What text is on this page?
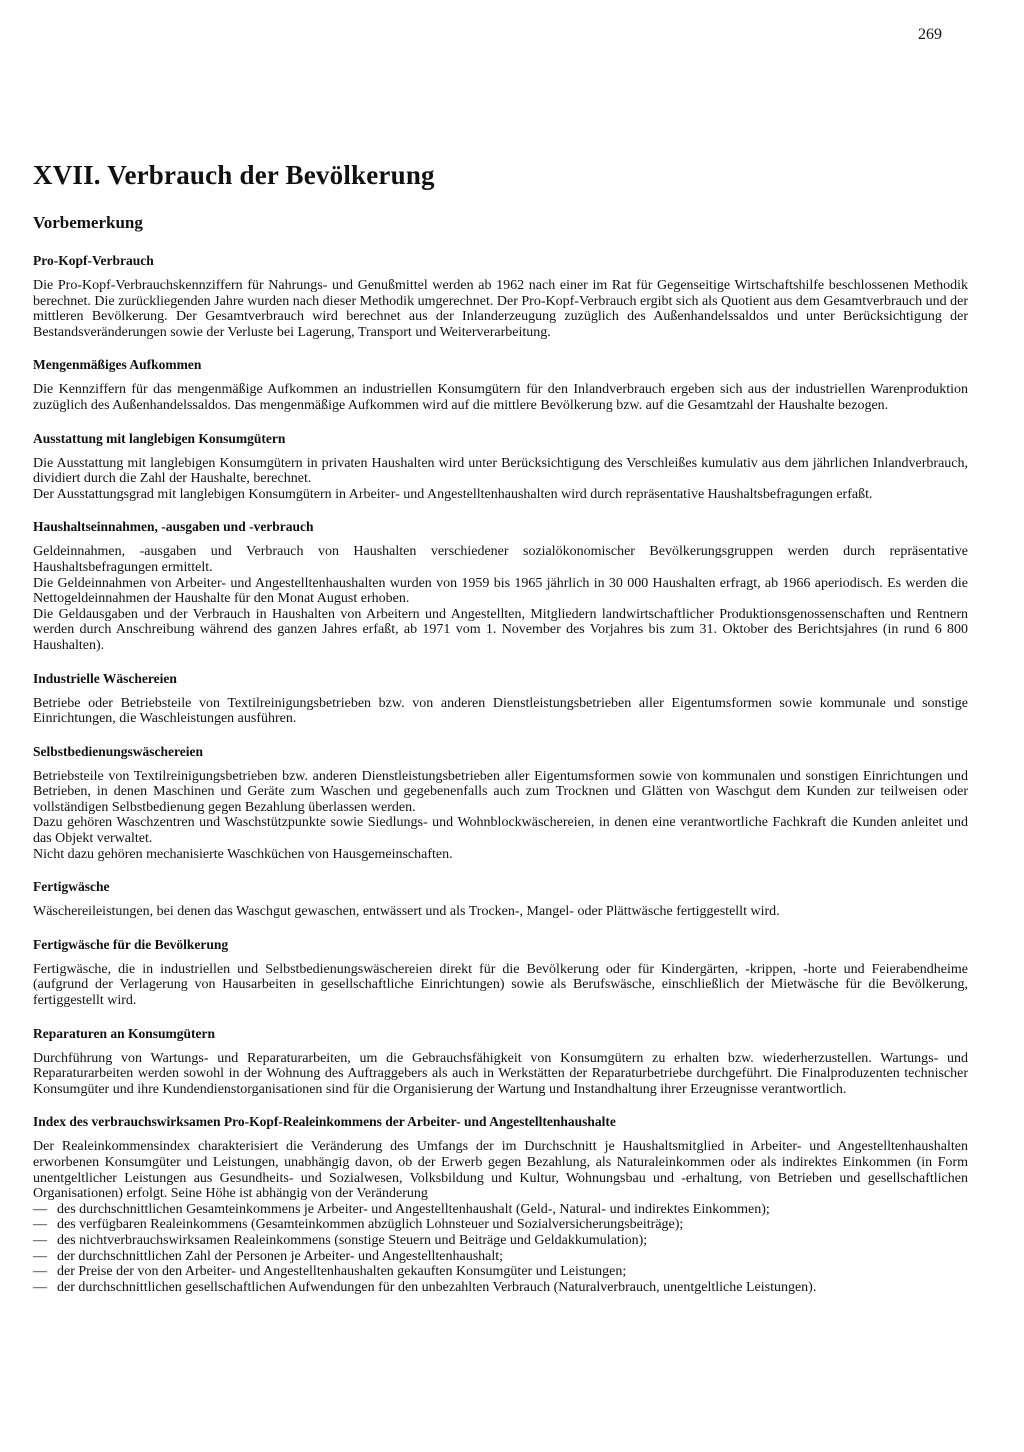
269
XVII. Verbrauch der Bevölkerung
Vorbemerkung
Pro-Kopf-Verbrauch

Die Pro-Kopf-Verbrauchskennziffern für Nahrungs- und Genußmittel werden ab 1962 nach einer im Rat für Gegenseitige Wirtschaftshilfe beschlossenen Methodik berechnet. Die zurückliegenden Jahre wurden nach dieser Methodik umgerechnet. Der Pro-Kopf-Verbrauch ergibt sich als Quotient aus dem Gesamtverbrauch und der mittleren Bevölkerung. Der Gesamtverbrauch wird berechnet aus der Inlanderzeugung zuzüglich des Außenhandelssaldos und unter Berücksichtigung der Bestandsveränderungen sowie der Verluste bei Lagerung, Transport und Weiterverarbeitung.

Mengenmäßiges Aufkommen

Die Kennziffern für das mengenmäßige Aufkommen an industriellen Konsumgütern für den Inlandverbrauch ergeben sich aus der industriellen Warenproduktion zuzüglich des Außenhandelssaldos. Das mengenmäßige Aufkommen wird auf die mittlere Bevölkerung bzw. auf die Gesamtzahl der Haushalte bezogen.

Ausstattung mit langlebigen Konsumgütern

Die Ausstattung mit langlebigen Konsumgütern in privaten Haushalten wird unter Berücksichtigung des Verschleißes kumulativ aus dem jährlichen Inlandverbrauch, dividiert durch die Zahl der Haushalte, berechnet.

Der Ausstattungsgrad mit langlebigen Konsumgütern in Arbeiter- und Angestelltenhaushalten wird durch repräsentative Haushaltsbefragungen erfaßt.

Haushaltseinnahmen, -ausgaben und -verbrauch

Geldeinnahmen, -ausgaben und Verbrauch von Haushalten verschiedener sozialökonomischer Bevölkerungsgruppen werden durch repräsentative Haushaltsbefragungen ermittelt.

Die Geldeinnahmen von Arbeiter- und Angestelltenhaushalten wurden von 1959 bis 1965 jährlich in 30 000 Haushalten erfragt, ab 1966 aperiodisch. Es werden die Nettogeldeinnahmen der Haushalte für den Monat August erhoben.

Die Geldausgaben und der Verbrauch in Haushalten von Arbeitern und Angestellten, Mitgliedern landwirtschaftlicher Produktionsgenossenschaften und Rentnern werden durch Anschreibung während des ganzen Jahres erfaßt, ab 1971 vom 1. November des Vorjahres bis zum 31. Oktober des Berichtsjahres (in rund 6 800 Haushalten).

Industrielle Wäschereien

Betriebe oder Betriebsteile von Textilreinigungsbetrieben bzw. von anderen Dienstleistungsbetrieben aller Eigentumsformen sowie kommunale und sonstige Einrichtungen, die Waschleistungen ausführen.

Selbstbedienungswäschereien

Betriebsteile von Textilreinigungsbetrieben bzw. anderen Dienstleistungsbetrieben aller Eigentumsformen sowie von kommunalen und sonstigen Einrichtungen und Betrieben, in denen Maschinen und Geräte zum Waschen und gegebenenfalls auch zum Trocknen und Glätten von Waschgut dem Kunden zur teilweisen oder vollständigen Selbstbedienung gegen Bezahlung überlassen werden.

Dazu gehören Waschzentren und Waschstützpunkte sowie Siedlungs- und Wohnblockwäschereien, in denen eine verantwortliche Fachkraft die Kunden anleitet und das Objekt verwaltet.

Nicht dazu gehören mechanisierte Waschküchen von Hausgemeinschaften.

Fertigwäsche

Wäschereileistungen, bei denen das Waschgut gewaschen, entwässert und als Trocken-, Mangel- oder Plättwäsche fertiggestellt wird.

Fertigwäsche für die Bevölkerung

Fertigwäsche, die in industriellen und Selbstbedienungswäschereien direkt für die Bevölkerung oder für Kindergärten, -krippen, -horte und Feierabendheime (aufgrund der Verlagerung von Hausarbeiten in gesellschaftliche Einrichtungen) sowie als Berufswäsche, einschließlich der Mietwäsche für die Bevölkerung, fertiggestellt wird.

Reparaturen an Konsumgütern

Durchführung von Wartungs- und Reparaturarbeiten, um die Gebrauchsfähigkeit von Konsumgütern zu erhalten bzw. wiederherzustellen. Wartungs- und Reparaturarbeiten werden sowohl in der Wohnung des Auftraggebers als auch in Werkstätten der Reparaturbetriebe durchgeführt. Die Finalproduzenten technischer Konsumgüter und ihre Kundendienstorganisationen sind für die Organisierung der Wartung und Instandhaltung ihrer Erzeugnisse verantwortlich.

Index des verbrauchswirksamen Pro-Kopf-Realeinkommens der Arbeiter- und Angestelltenhaushalte

Der Realeinkommensindex charakterisiert die Veränderung des Umfangs der im Durchschnitt je Haushaltsmitglied in Arbeiter- und Angestelltenhaushalten erworbenen Konsumgüter und Leistungen, unabhängig davon, ob der Erwerb gegen Bezahlung, als Naturaleinkommen oder als indirektes Einkommen (in Form unentgeltlicher Leistungen aus Gesundheits- und Sozialwesen, Volksbildung und Kultur, Wohnungsbau und -erhaltung, von Betrieben und gesellschaftlichen Organisationen) erfolgt. Seine Höhe ist abhängig von der Veränderung

— des durchschnittlichen Gesamteinkommens je Arbeiter- und Angestelltenhaushalt (Geld-, Natural- und indirektes Einkommen);
— des verfügbaren Realeinkommens (Gesamteinkommen abzüglich Lohnsteuer und Sozialversicherungsbeiträge);
— des nichtverbrauchswirksamen Realeinkommens (sonstige Steuern und Beiträge und Geldakkumulation);
— der durchschnittlichen Zahl der Personen je Arbeiter- und Angestelltenhaushalt;
— der Preise der von den Arbeiter- und Angestelltenhaushalten gekauften Konsumgüter und Leistungen;
— der durchschnittlichen gesellschaftlichen Aufwendungen für den unbezahlten Verbrauch (Naturalverbrauch, unentgeltliche Leistungen).
